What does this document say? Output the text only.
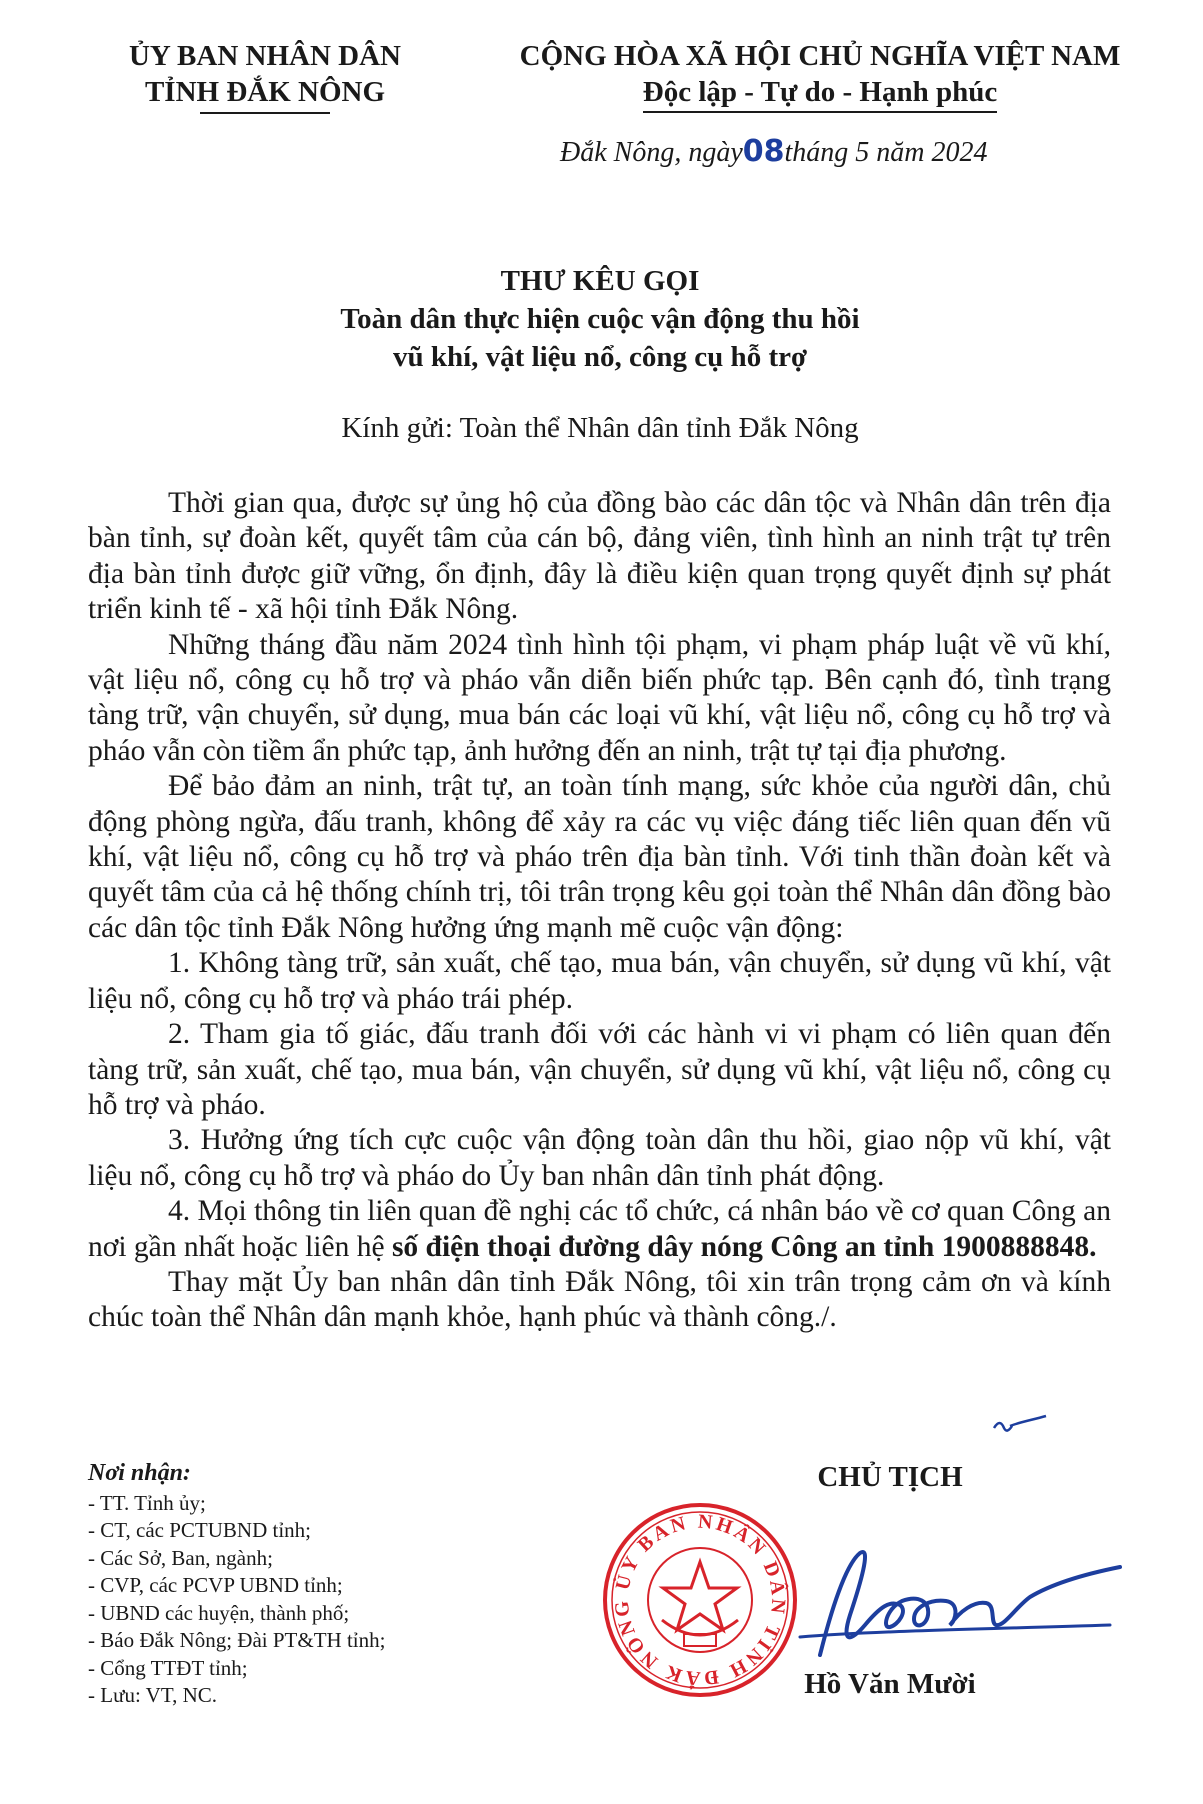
ỦY BAN NHÂN DÂN
TỈNH ĐẮK NÔNG
CỘNG HÒA XÃ HỘI CHỦ NGHĨA VIỆT NAM
Độc lập - Tự do - Hạnh phúc
Đắk Nông, ngày08tháng 5 năm 2024
THƯ KÊU GỌI
Toàn dân thực hiện cuộc vận động thu hồi
vũ khí, vật liệu nổ, công cụ hỗ trợ
Kính gửi: Toàn thể Nhân dân tỉnh Đắk Nông

Thời gian qua, được sự ủng hộ của đồng bào các dân tộc và Nhân dân trên địa bàn tỉnh, sự đoàn kết, quyết tâm của cán bộ, đảng viên, tình hình an ninh trật tự trên địa bàn tỉnh được giữ vững, ổn định, đây là điều kiện quan trọng quyết định sự phát triển kinh tế - xã hội tỉnh Đắk Nông.

Những tháng đầu năm 2024 tình hình tội phạm, vi phạm pháp luật về vũ khí, vật liệu nổ, công cụ hỗ trợ và pháo vẫn diễn biến phức tạp. Bên cạnh đó, tình trạng tàng trữ, vận chuyển, sử dụng, mua bán các loại vũ khí, vật liệu nổ, công cụ hỗ trợ và pháo vẫn còn tiềm ẩn phức tạp, ảnh hưởng đến an ninh, trật tự tại địa phương.

Để bảo đảm an ninh, trật tự, an toàn tính mạng, sức khỏe của người dân, chủ động phòng ngừa, đấu tranh, không để xảy ra các vụ việc đáng tiếc liên quan đến vũ khí, vật liệu nổ, công cụ hỗ trợ và pháo trên địa bàn tỉnh. Với tinh thần đoàn kết và quyết tâm của cả hệ thống chính trị, tôi trân trọng kêu gọi toàn thể Nhân dân đồng bào các dân tộc tỉnh Đắk Nông hưởng ứng mạnh mẽ cuộc vận động:

1. Không tàng trữ, sản xuất, chế tạo, mua bán, vận chuyển, sử dụng vũ khí, vật liệu nổ, công cụ hỗ trợ và pháo trái phép.

2. Tham gia tố giác, đấu tranh đối với các hành vi vi phạm có liên quan đến tàng trữ, sản xuất, chế tạo, mua bán, vận chuyển, sử dụng vũ khí, vật liệu nổ, công cụ hỗ trợ và pháo.

3. Hưởng ứng tích cực cuộc vận động toàn dân thu hồi, giao nộp vũ khí, vật liệu nổ, công cụ hỗ trợ và pháo do Ủy ban nhân dân tỉnh phát động.

4. Mọi thông tin liên quan đề nghị các tổ chức, cá nhân báo về cơ quan Công an nơi gần nhất hoặc liên hệ số điện thoại đường dây nóng Công an tỉnh 1900888848.

Thay mặt Ủy ban nhân dân tỉnh Đắk Nông, tôi xin trân trọng cảm ơn và kính chúc toàn thể Nhân dân mạnh khỏe, hạnh phúc và thành công./.

Nơi nhận:
- TT. Tỉnh ủy;
- CT, các PCTUBND tỉnh;
- Các Sở, Ban, ngành;
- CVP, các PCVP UBND tỉnh;
- UBND các huyện, thành phố;
- Báo Đắk Nông; Đài PT&TH tỉnh;
- Cổng TTĐT tỉnh;
- Lưu: VT, NC.
CHỦ TỊCH
ỦY BAN NHÂN DÂN TỈNH ĐẮK NÔNG
Hồ Văn Mười
